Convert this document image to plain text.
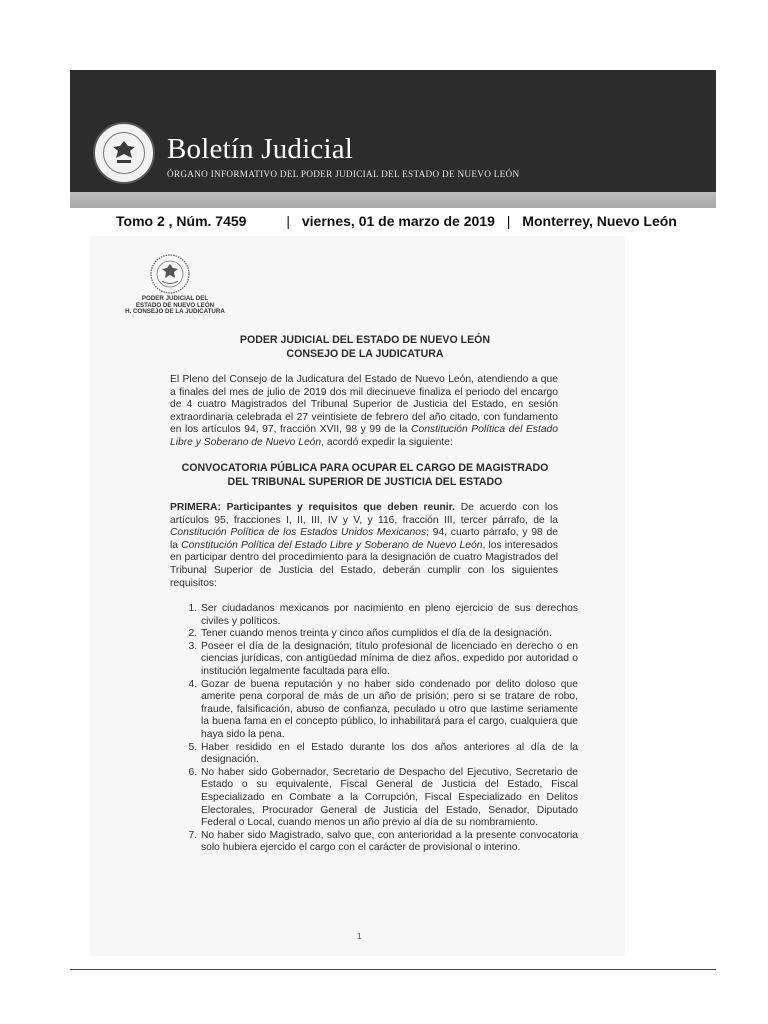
Boletín Judicial
ÓRGANO INFORMATIVO DEL PODER JUDICIAL DEL ESTADO DE NUEVO LEÓN
Tomo 2 , Núm. 7459	| viernes, 01 de marzo de 2019 | Monterrey, Nuevo León
PODER JUDICIAL DEL
ESTADO DE NUEVO LEÓN
H. CONSEJO DE LA JUDICATURA
PODER JUDICIAL DEL ESTADO DE NUEVO LEÓN
CONSEJO DE LA JUDICATURA
El Pleno del Consejo de la Judicatura del Estado de Nuevo León, atendiendo a que a finales del mes de julio de 2019 dos mil diecinueve finaliza el periodo del encargo de 4 cuatro Magistrados del Tribunal Superior de Justicia del Estado, en sesión extraordinaria celebrada el 27 veintisiete de febrero del año citado, con fundamento en los artículos 94, 97, fracción XVII, 98 y 99 de la Constitución Política del Estado Libre y Soberano de Nuevo León, acordó expedir la siguiente:
CONVOCATORIA PÚBLICA PARA OCUPAR EL CARGO DE MAGISTRADO
DEL TRIBUNAL SUPERIOR DE JUSTICIA DEL ESTADO
PRIMERA: Participantes y requisitos que deben reunir. De acuerdo con los artículos 95, fracciones I, II, III, IV y V, y 116, fracción III, tercer párrafo, de la Constitución Política de los Estados Unidos Mexicanos; 94, cuarto párrafo, y 98 de la Constitución Política del Estado Libre y Soberano de Nuevo León, los interesados en participar dentro del procedimiento para la designación de cuatro Magistrados del Tribunal Superior de Justicia del Estado, deberán cumplir con los siguientes requisitos:
1. Ser ciudadanos mexicanos por nacimiento en pleno ejercicio de sus derechos civiles y políticos.
2. Tener cuando menos treinta y cinco años cumplidos el día de la designación.
3. Poseer el día de la designación, título profesional de licenciado en derecho o en ciencias jurídicas, con antigüedad mínima de diez años, expedido por autoridad o institución legalmente facultada para ello.
4. Gozar de buena reputación y no haber sido condenado por delito doloso que amerite pena corporal de más de un año de prisión; pero si se tratare de robo, fraude, falsificación, abuso de confianza, peculado u otro que lastime seriamente la buena fama en el concepto público, lo inhabilitará para el cargo, cualquiera que haya sido la pena.
5. Haber residido en el Estado durante los dos años anteriores al día de la designación.
6. No haber sido Gobernador, Secretario de Despacho del Ejecutivo, Secretario de Estado o su equivalente, Fiscal General de Justicia del Estado, Fiscal Especializado en Combate a la Corrupción, Fiscal Especializado en Delitos Electorales, Procurador General de Justicia del Estado, Senador, Diputado Federal o Local, cuando menos un año previo al día de su nombramiento.
7. No haber sido Magistrado, salvo que, con anterioridad a la presente convocatoria solo hubiera ejercido el cargo con el carácter de provisional o interino.
1
